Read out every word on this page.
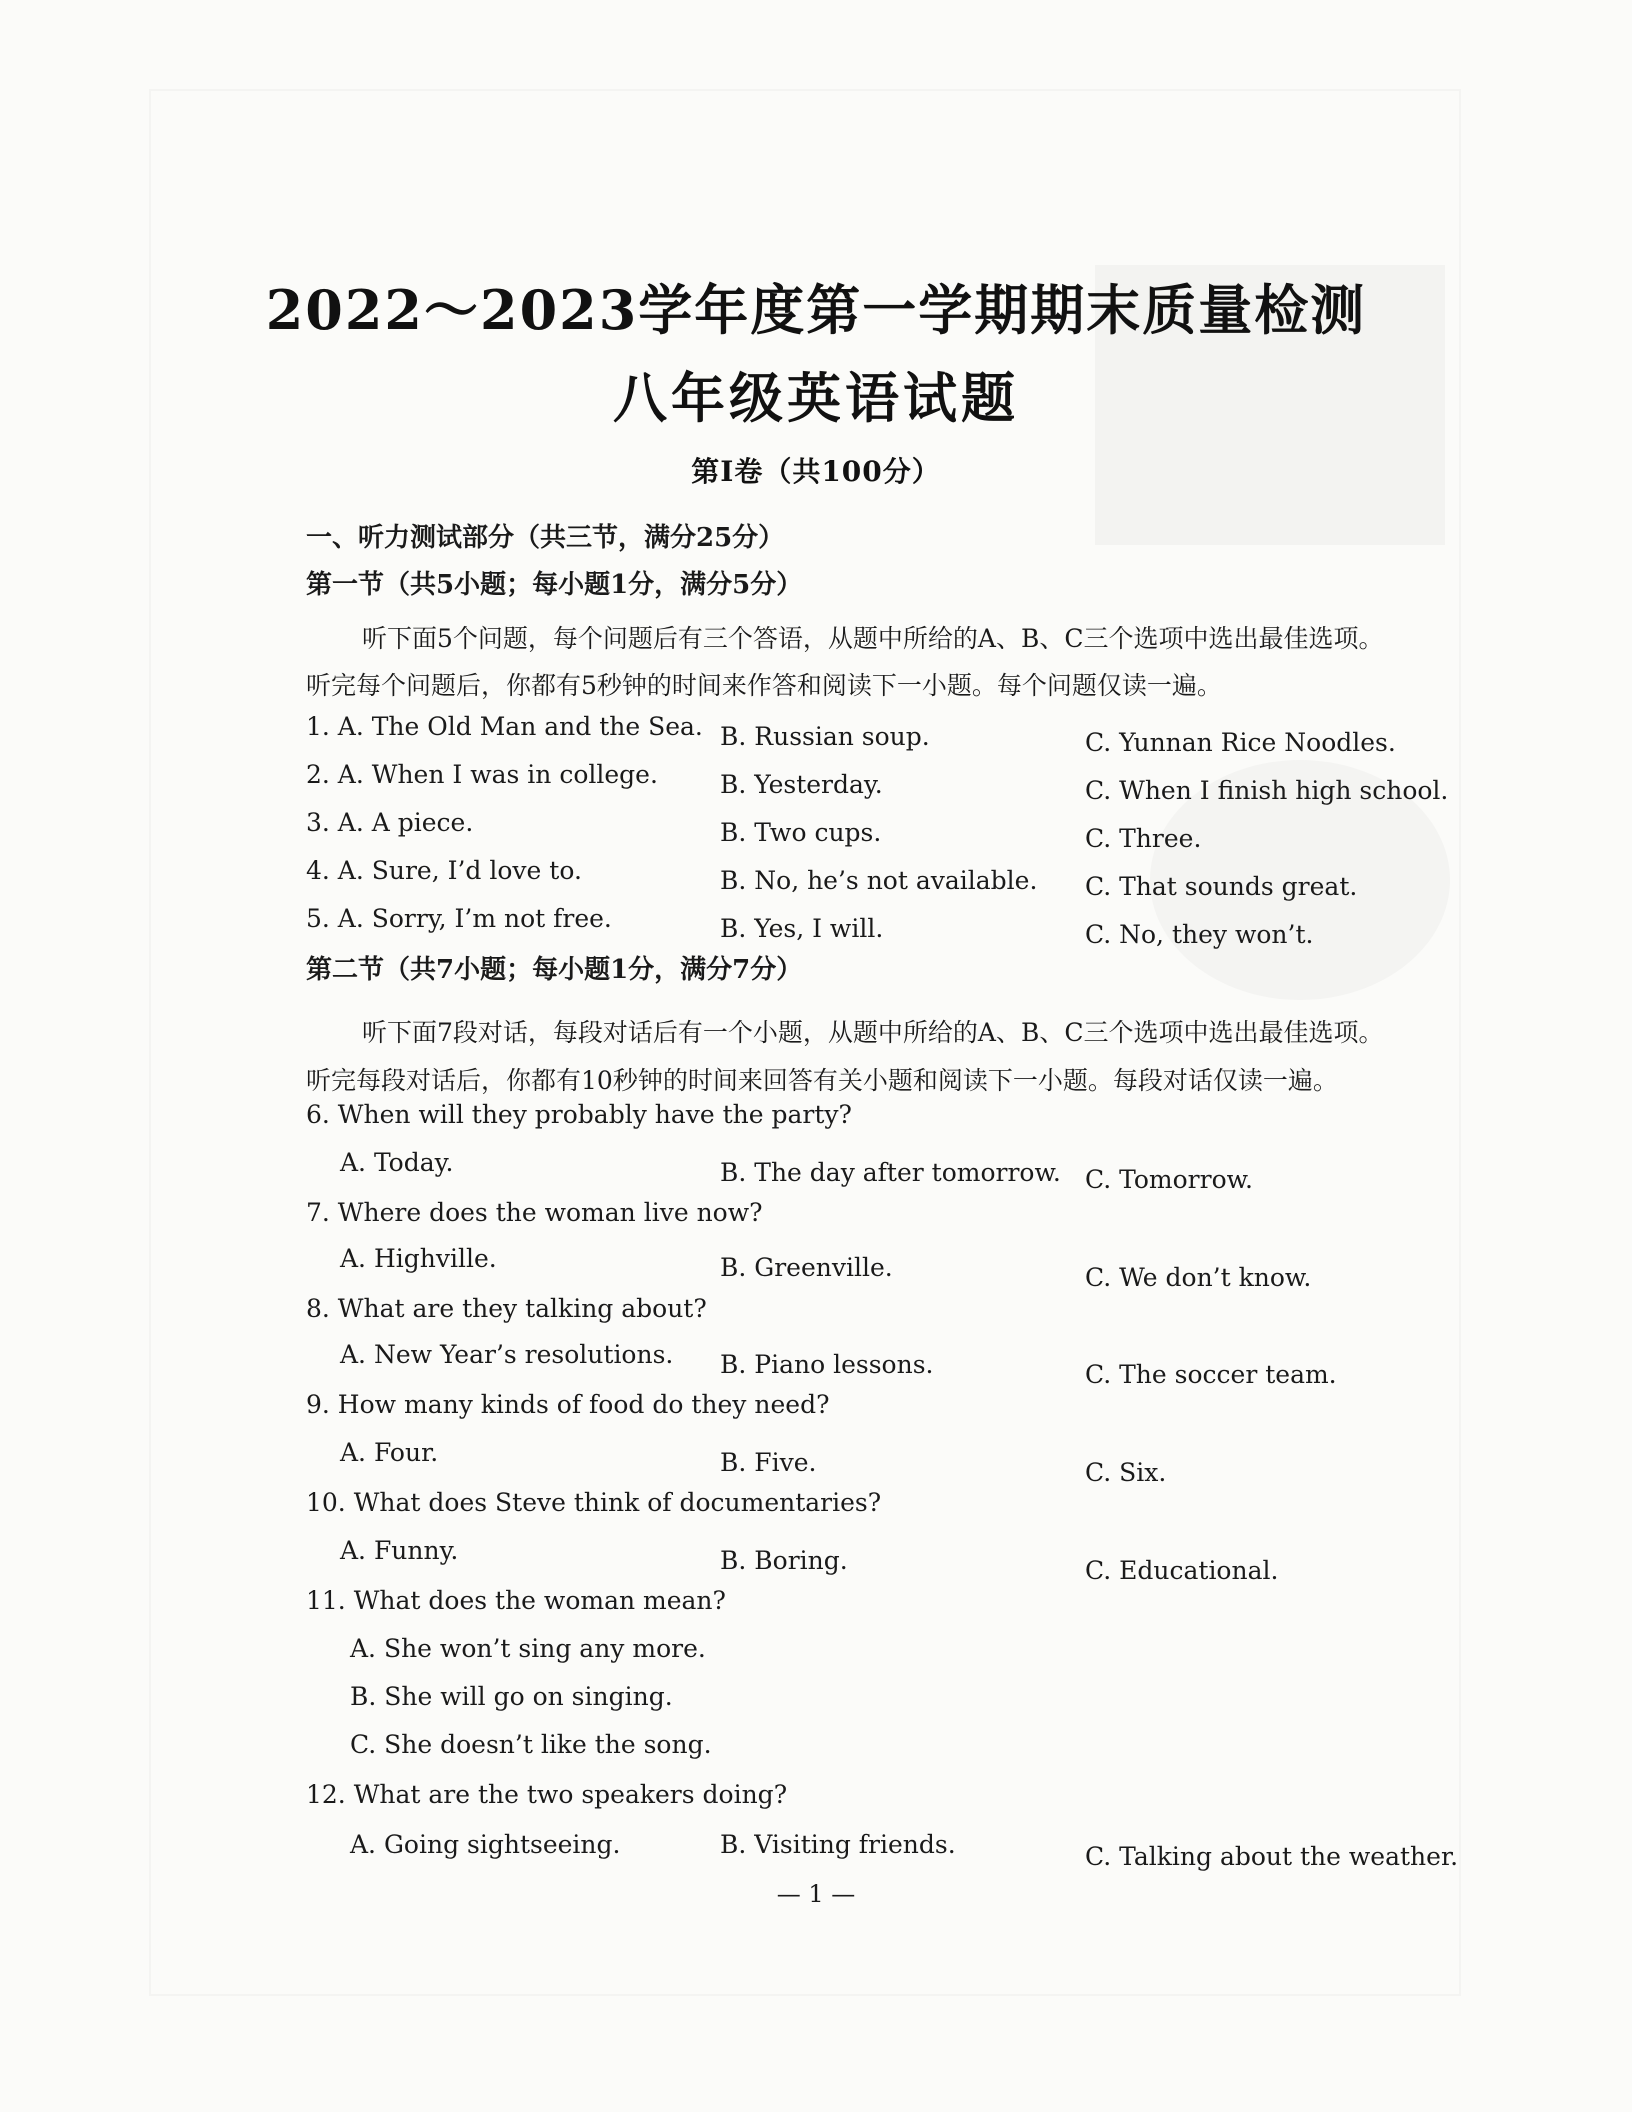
2022～2023学年度第一学期期末质量检测
八年级英语试题
第Ⅰ卷（共100分）
一、听力测试部分（共三节，满分25分）
第一节（共5小题；每小题1分，满分5分）
听下面5个问题，每个问题后有三个答语，从题中所给的A、B、C三个选项中选出最佳选项。
听完每个问题后，你都有5秒钟的时间来作答和阅读下一小题。每个问题仅读一遍。
1. A. The Old Man and the Sea. B. Russian soup.	C. Yunnan Rice Noodles.
2. A. When I was in college. B. Yesterday.	C. When I finish high school.
3. A. A piece.	B. Two cups.	C. Three.
4. A. Sure, I’d love to.	B. No, he’s not available. C. That sounds great.
5. A. Sorry, I’m not free.	B. Yes, I will.	C. No, they won’t.
第二节（共7小题；每小题1分，满分7分）
听下面7段对话，每段对话后有一个小题，从题中所给的A、B、C三个选项中选出最佳选项。
听完每段对话后，你都有10秒钟的时间来回答有关小题和阅读下一小题。每段对话仅读一遍。
6. When will they probably have the party?
A. Today.	B. The day after tomorrow. C. Tomorrow.
7. Where does the woman live now?
A. Highville.	B. Greenville.	C. We don’t know.
8. What are they talking about?
A. New Year’s resolutions. B. Piano lessons.	C. The soccer team.
9. How many kinds of food do they need?
A. Four.	B. Five.	C. Six.
10. What does Steve think of documentaries?
A. Funny.	B. Boring.	C. Educational.
11. What does the woman mean?
A. She won’t sing any more.
B. She will go on singing.
C. She doesn’t like the song.
12. What are the two speakers doing?
A. Going sightseeing.	B. Visiting friends.	C. Talking about the weather.
— 1 —
